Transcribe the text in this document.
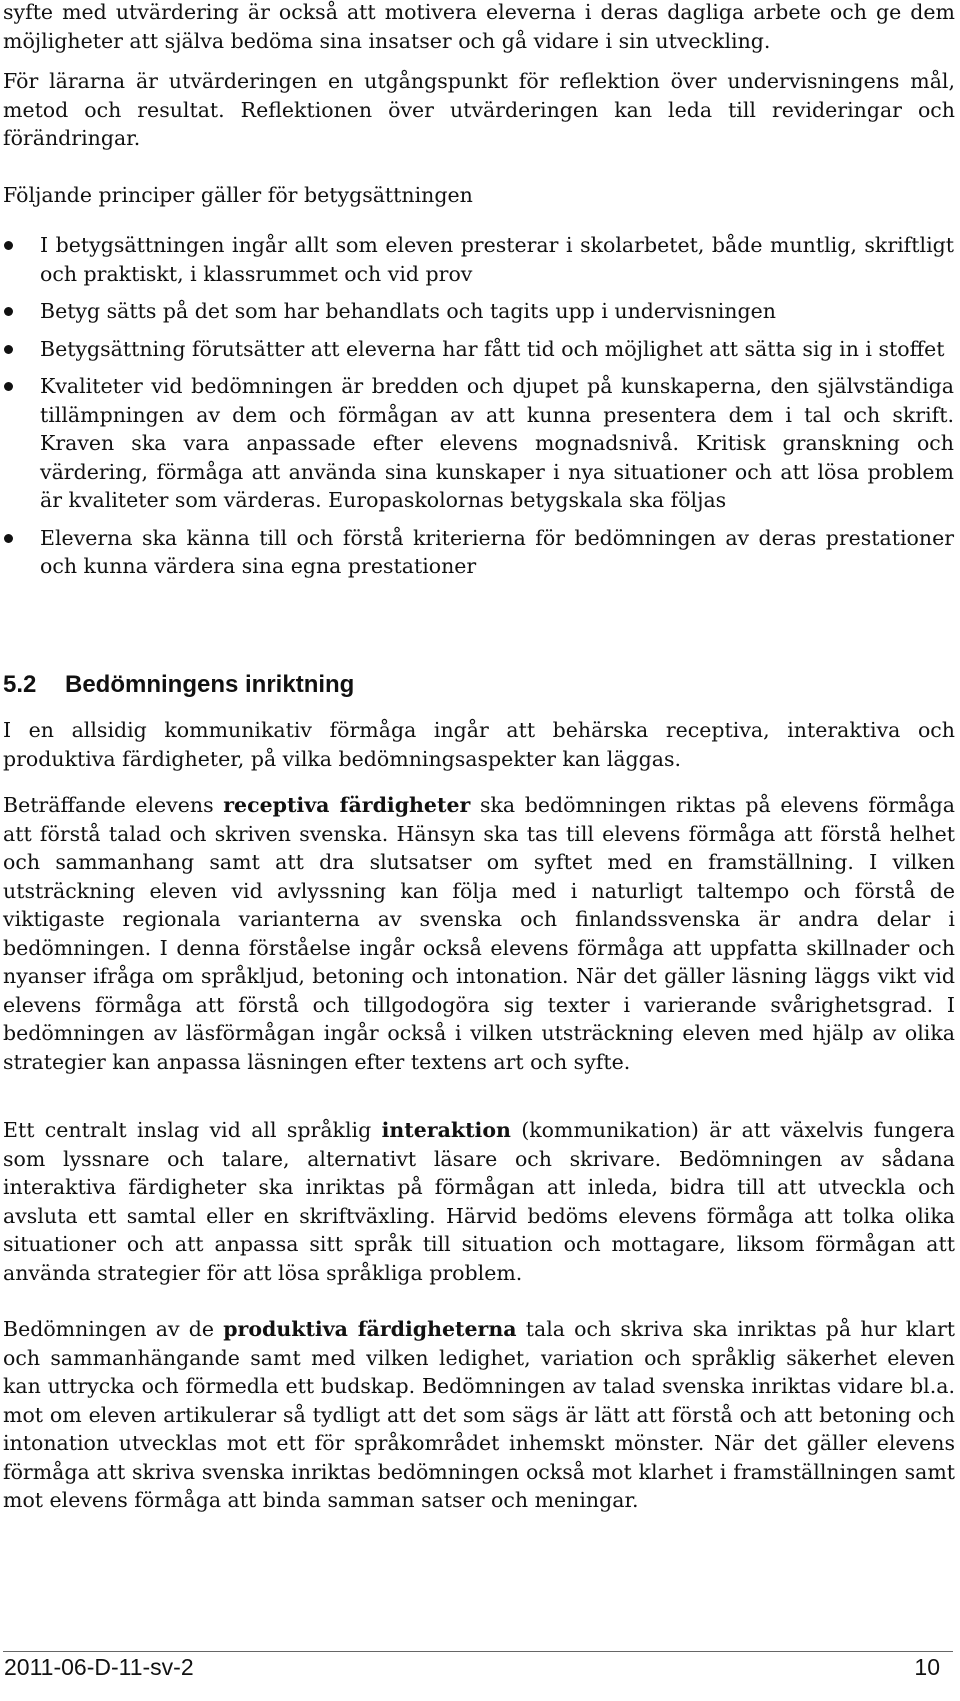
syfte med utvärdering är också att motivera eleverna i deras dagliga arbete och ge dem möjligheter att själva bedöma sina insatser och gå vidare i sin utveckling.

För lärarna är utvärderingen en utgångspunkt för reflektion över undervisningens mål, metod och resultat. Reflektionen över utvärderingen kan leda till revideringar och förändringar.

Följande principer gäller för betygsättningen

I betygsättningen ingår allt som eleven presterar i skolarbetet, både muntlig, skriftligt och praktiskt, i klassrummet och vid prov
Betyg sätts på det som har behandlats och tagits upp i undervisningen
Betygsättning förutsätter att eleverna har fått tid och möjlighet att sätta sig in i stoffet
Kvaliteter vid bedömningen är bredden och djupet på kunskaperna, den självständiga tillämpningen av dem och förmågan av att kunna presentera dem i tal och skrift. Kraven ska vara anpassade efter elevens mognadsnivå. Kritisk granskning och värdering, förmåga att använda sina kunskaper i nya situationer och att lösa problem är kvaliteter som värderas. Europaskolornas betygskala ska följas
Eleverna ska känna till och förstå kriterierna för bedömningen av deras prestationer och kunna värdera sina egna prestationer
5.2 Bedömningens inriktning

I en allsidig kommunikativ förmåga ingår att behärska receptiva, interaktiva och produktiva färdigheter, på vilka bedömningsaspekter kan läggas.

Beträffande elevens receptiva färdigheter ska bedömningen riktas på elevens förmåga att förstå talad och skriven svenska. Hänsyn ska tas till elevens förmåga att förstå helhet och sammanhang samt att dra slutsatser om syftet med en framställning. I vilken utsträckning eleven vid avlyssning kan följa med i naturligt taltempo och förstå de viktigaste regionala varianterna av svenska och finlandssvenska är andra delar i bedömningen. I denna förståelse ingår också elevens förmåga att uppfatta skillnader och nyanser ifråga om språkljud, betoning och intonation. När det gäller läsning läggs vikt vid elevens förmåga att förstå och tillgodogöra sig texter i varierande svårighetsgrad. I bedömningen av läsförmågan ingår också i vilken utsträckning eleven med hjälp av olika strategier kan anpassa läsningen efter textens art och syfte.

Ett centralt inslag vid all språklig interaktion (kommunikation) är att växelvis fungera som lyssnare och talare, alternativt läsare och skrivare. Bedömningen av sådana interaktiva färdigheter ska inriktas på förmågan att inleda, bidra till att utveckla och avsluta ett samtal eller en skriftväxling. Härvid bedöms elevens förmåga att tolka olika situationer och att anpassa sitt språk till situation och mottagare, liksom förmågan att använda strategier för att lösa språkliga problem.

Bedömningen av de produktiva färdigheterna tala och skriva ska inriktas på hur klart och sammanhängande samt med vilken ledighet, variation och språklig säkerhet eleven kan uttrycka och förmedla ett budskap. Bedömningen av talad svenska inriktas vidare bl.a. mot om eleven artikulerar så tydligt att det som sägs är lätt att förstå och att betoning och intonation utvecklas mot ett för språkområdet inhemskt mönster. När det gäller elevens förmåga att skriva svenska inriktas bedömningen också mot klarhet i framställningen samt mot elevens förmåga att binda samman satser och meningar.

2011-06-D-11-sv-2	10
